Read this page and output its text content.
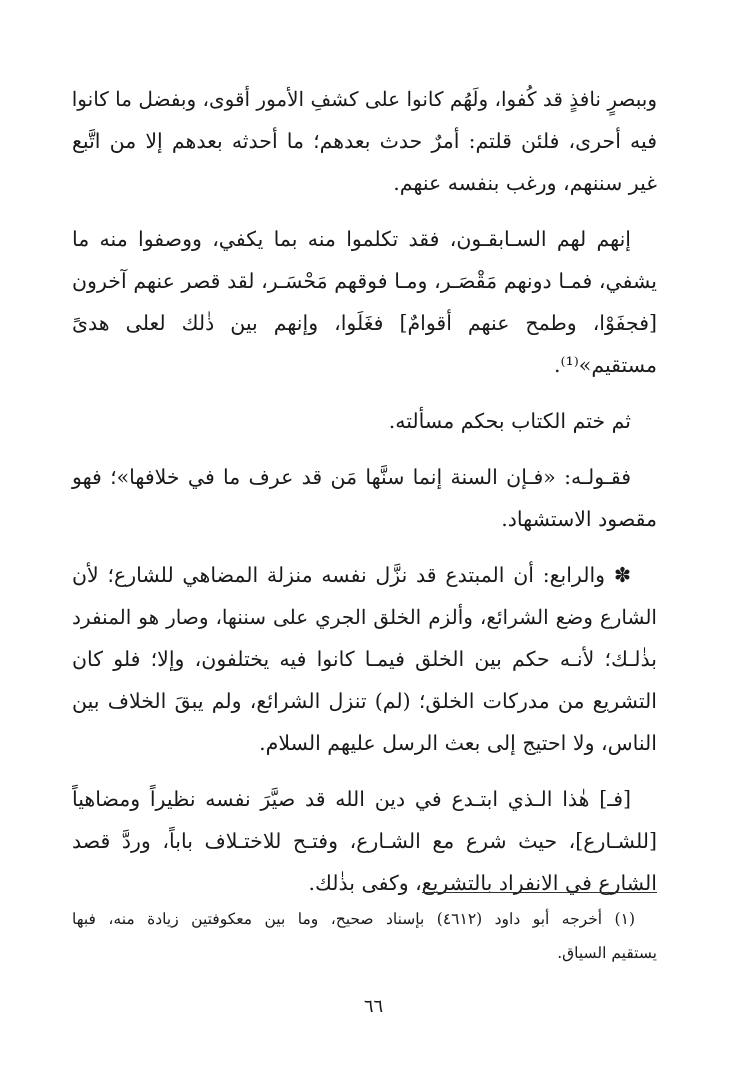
وببصرٍ نافذٍ قد كُفوا، ولَهُم كانوا على كشفِ الأمور أقوى، وبفضل ما كانوا
فيه أحرى، فلئن قلتم: أمرٌ حدث بعدهم؛ ما أحدثه بعدهم إلا من اتَّبع
غير سننهم، ورغب بنفسه عنهم.

إنهم لهم السـابقـون، فقد تكلموا منه بما يكفي، ووصفوا منه ما
يشفي، فمـا دونهم مَقْصَـر، ومـا فوقهم مَحْسَـر، لقد قصر عنهم آخرون
[فجفَوْا، وطمح عنهم أقوامٌ] فغَلَوا، وإنهم بين ذٰلك لعلى هدىً
مستقيم»⁽¹⁾.

ثم ختم الكتاب بحكم مسألته.

فقـولـه: «فـإن السنة إنما سنَّها مَن قد عرف ما في خلافها»؛ فهو
مقصود الاستشهاد.

✽ والرابع: أن المبتدع قد نزَّل نفسه منزلة المضاهي للشارع؛ لأن
الشارع وضع الشرائع، وألزم الخلق الجري على سننها، وصار هو المنفرد
بذٰلـك؛ لأنـه حكم بين الخلق فيمـا كانوا فيه يختلفون، وإلا؛ فلو كان
التشريع من مدركات الخلق؛ (لم) تنزل الشرائع، ولم يبقَ الخلاف بين
الناس، ولا احتيج إلى بعث الرسل عليهم السلام.

[فـ] هٰذا الـذي ابتـدع في دين الله قد صيَّرَ نفسه نظيراً ومضاهياً
[للشـارع]، حيث شرع مع الشـارع، وفتـح للاختـلاف باباً، وردَّ قصد
الشارع في الانفراد بالتشريع، وكفى بذٰلك.

(١) أخرجه أبو داود (٤٦١٢) بإسناد صحيح، وما بين معكوفتين زيادة منه، فبها
يستقيم السياق.
٦٦
